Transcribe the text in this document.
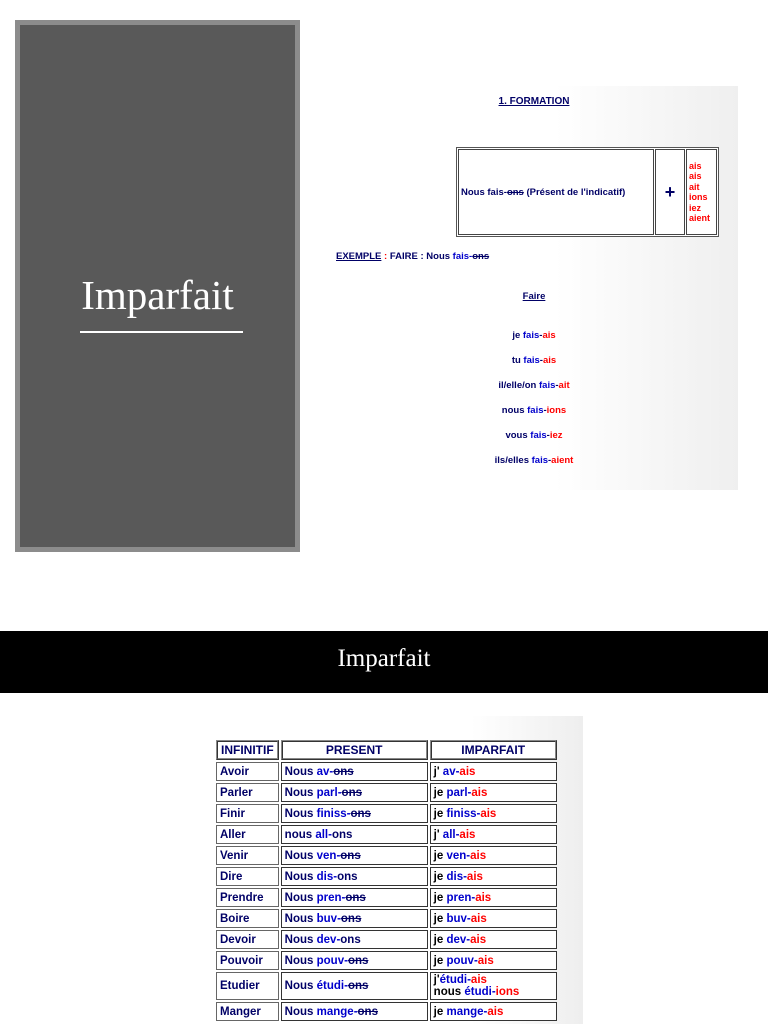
Imparfait
1. FORMATION
Nous fais-ons (Présent de l'indicatif)	+	
ais
ais
ait
ions
iez
aient
EXEMPLE : FAIRE : Nous fais-ons
Faire
je fais-ais
tu fais-ais
il/elle/on fais-ait
nous fais-ions
vous fais-iez
ils/elles fais-aient
Imparfait
INFINITIF	PRESENT	IMPARFAIT
Avoir	Nous av-ons	j' av-ais
Parler	Nous parl-ons	je parl-ais
Finir	Nous finiss-ons	je finiss-ais
Aller	nous all-ons	j' all-ais
Venir	Nous ven-ons	je ven-ais
Dire	Nous dis-ons	je dis-ais
Prendre	Nous pren-ons	je pren-ais
Boire	Nous buv-ons	je buv-ais
Devoir	Nous dev-ons	je dev-ais
Pouvoir	Nous pouv-ons	je pouv-ais
Etudier	Nous étudi-ons	j'étudi-ais
nous étudi-ions
Manger	Nous mange-ons	je mange-ais
